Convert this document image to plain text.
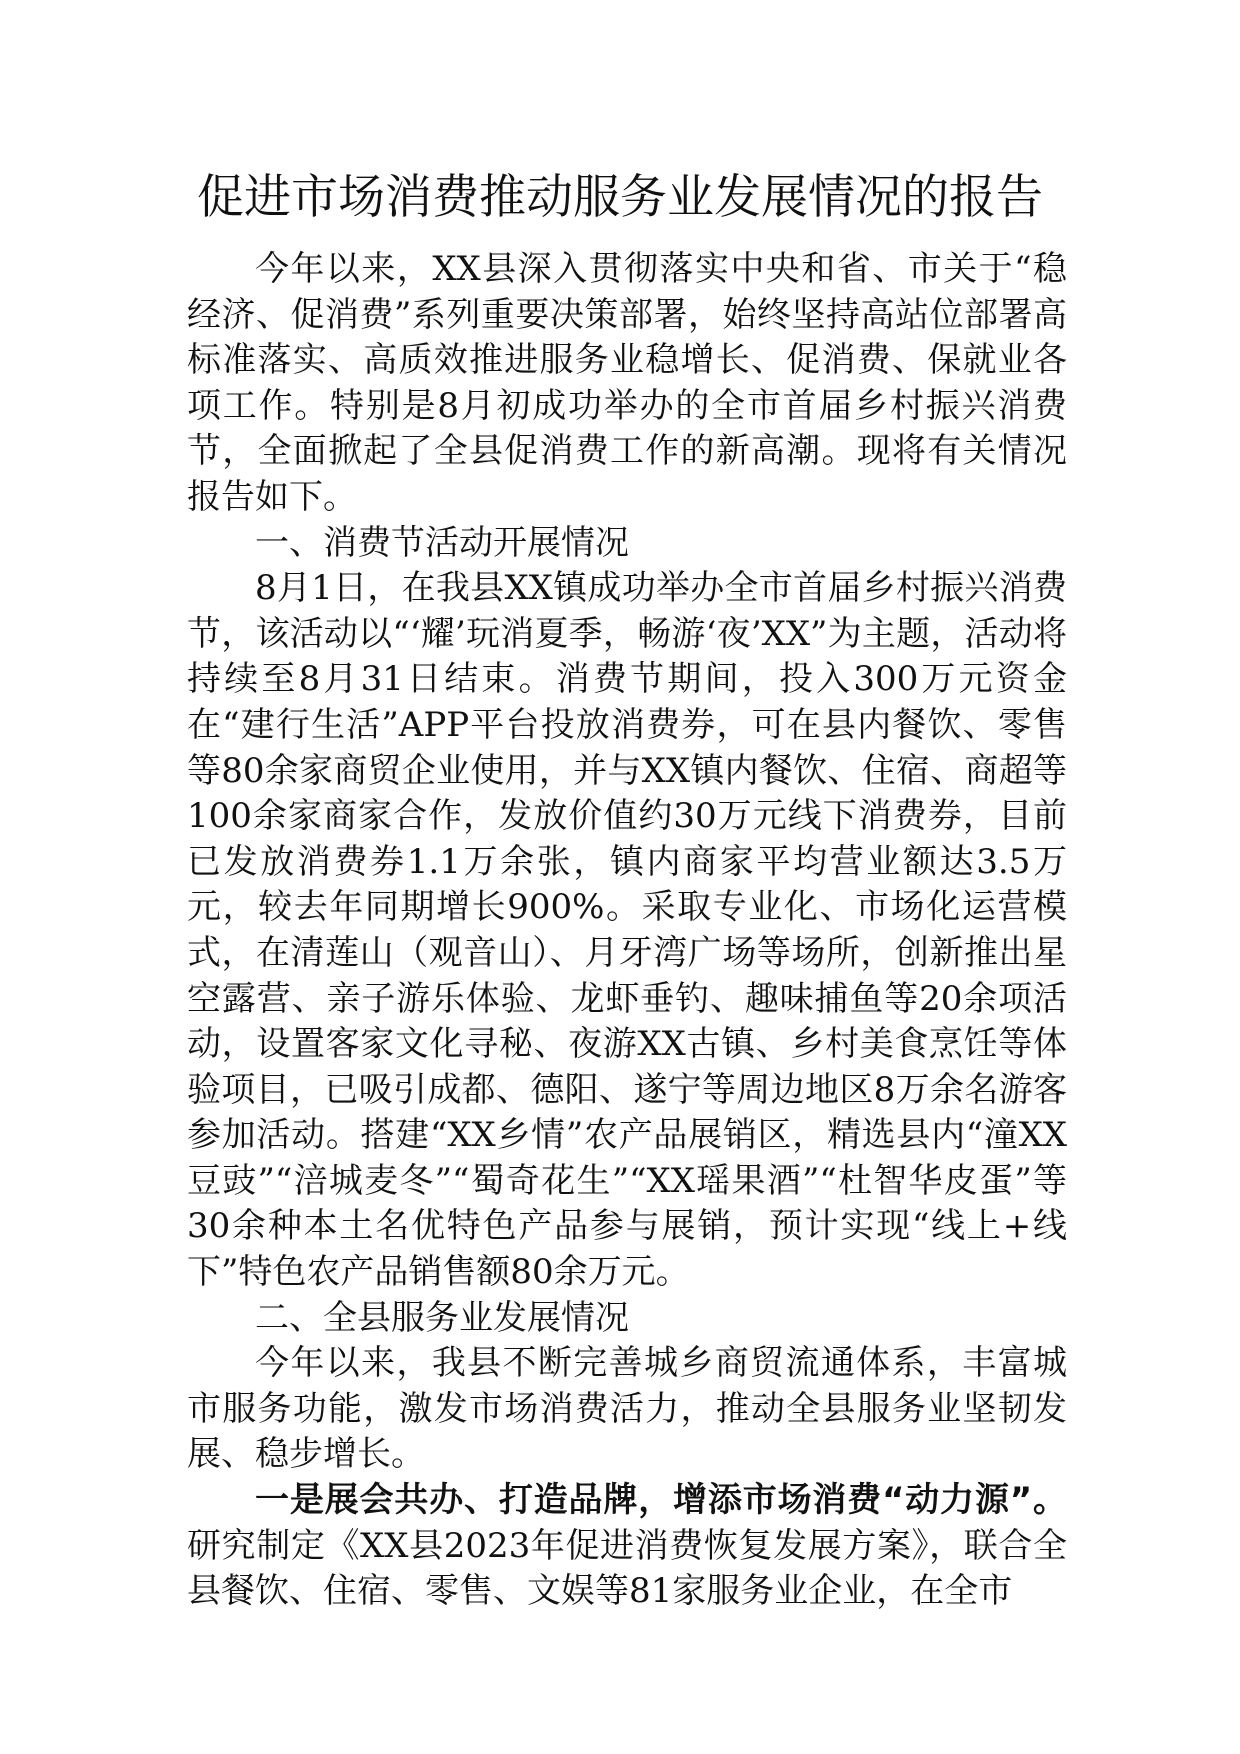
促进市场消费推动服务业发展情况的报告

今年以来，XX县深入贯彻落实中央和省、市关于“稳经济、促消费”系列重要决策部署，始终坚持高站位部署高标准落实、高质效推进服务业稳增长、促消费、保就业各项工作。特别是8月初成功举办的全市首届乡村振兴消费节，全面掀起了全县促消费工作的新高潮。现将有关情况报告如下。

一、消费节活动开展情况

8月1日，在我县XX镇成功举办全市首届乡村振兴消费节，该活动以“‘耀’玩消夏季，畅游‘夜’XX”为主题，活动将持续至8月31日结束。消费节期间，投入300万元资金在“建行生活”APP平台投放消费券，可在县内餐饮、零售等80余家商贸企业使用，并与XX镇内餐饮、住宿、商超等100余家商家合作，发放价值约30万元线下消费券，目前已发放消费券1.1万余张，镇内商家平均营业额达3.5万元，较去年同期增长900%。采取专业化、市场化运营模式，在清莲山（观音山）、月牙湾广场等场所，创新推出星空露营、亲子游乐体验、龙虾垂钓、趣味捕鱼等20余项活动，设置客家文化寻秘、夜游XX古镇、乡村美食烹饪等体验项目，已吸引成都、德阳、遂宁等周边地区8万余名游客参加活动。搭建“XX乡情”农产品展销区，精选县内“潼XX豆豉”“涪城麦冬”“蜀奇花生”“XX瑶果酒”“杜智华皮蛋”等30余种本土名优特色产品参与展销，预计实现“线上+线下”特色农产品销售额80余万元。

二、全县服务业发展情况

今年以来，我县不断完善城乡商贸流通体系，丰富城市服务功能，激发市场消费活力，推动全县服务业坚韧发展、稳步增长。

一是展会共办、打造品牌，增添市场消费“动力源”。研究制定《XX县2023年促进消费恢复发展方案》，联合全县餐饮、住宿、零售、文娱等81家服务业企业，在全市
